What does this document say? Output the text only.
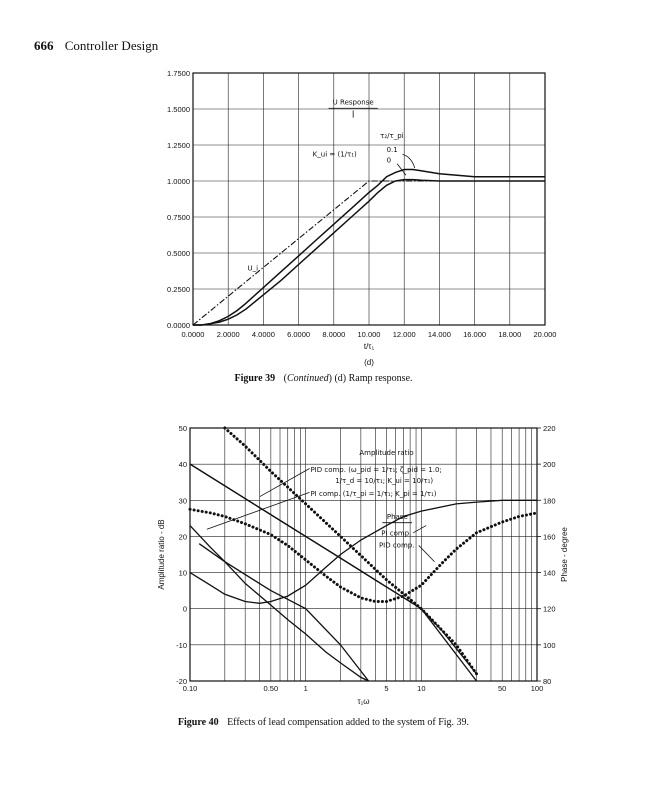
666 Controller Design
0.0000 2.0000 4.0000 6.0000 8.0000 10.000 12.000 14.000 16.000 18.000 20.000
0.0000
0.2500
0.5000
0.7500
1.0000
1.2500
1.5000
1.7500
U Response
τ₂/τ_pi
K_ui = (1/τ₁)
0.1
0
U_i
t/τ₁
(d)
0.10	0.50	1	5	10	50	100
50
40
30
20
10
0
-10
-20
220
200
180
160
140
120
100
80
Amplitude ratio
PID comp. (ω_pid = 1/τ₁; ζ_pid = 1.0;
1/τ_d = 10/τ₁; K_ui = 10/τ₁)
PI comp. (1/τ_pi = 1/τ₁; K_pi = 1/τ₁)
Phase
PI comp.
PID comp.
τ₁ω
Amplitude ratio - dB	Phase - degree
Figure 39 (Continued) (d) Ramp response.
Figure 40 Effects of lead compensation added to the system of Fig. 39.
